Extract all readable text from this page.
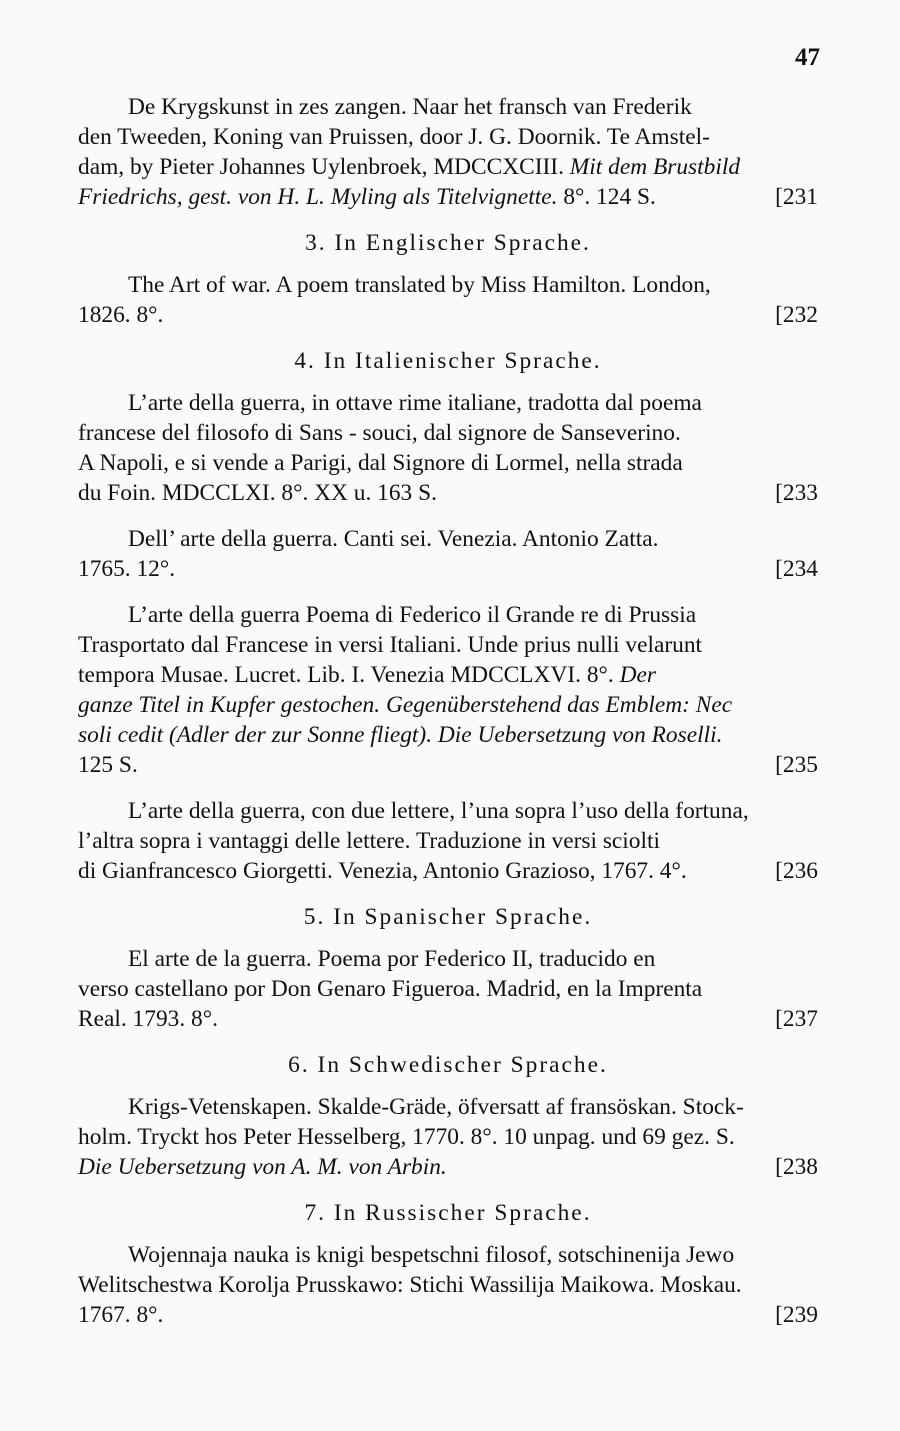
47

De Krygskunst in zes zangen. Naar het fransch van Frederik
den Tweeden, Koning van Pruissen, door J. G. Doornik. Te Amstel-
dam, by Pieter Johannes Uylenbroek, MDCCXCIII. Mit dem Brustbild
Friedrichs, gest. von H. L. Myling als Titelvignette. 8°. 124 S.	[231
3. In Englischer Sprache.
The Art of war. A poem translated by Miss Hamilton. London,
1826. 8°.	[232
4. In Italienischer Sprache.
L’arte della guerra, in ottave rime italiane, tradotta dal poema
francese del filosofo di Sans - souci, dal signore de Sanseverino.
A Napoli, e si vende a Parigi, dal Signore di Lormel, nella strada
du Foin. MDCCLXI. 8°. XX u. 163 S.	[233
Dell’ arte della guerra. Canti sei. Venezia. Antonio Zatta.
1765. 12°.	[234
L’arte della guerra Poema di Federico il Grande re di Prussia
Trasportato dal Francese in versi Italiani. Unde prius nulli velarunt
tempora Musae. Lucret. Lib. I. Venezia MDCCLXVI. 8°. Der
ganze Titel in Kupfer gestochen. Gegenüberstehend das Emblem: Nec
soli cedit (Adler der zur Sonne fliegt). Die Uebersetzung von Roselli.
125 S.	[235
L’arte della guerra, con due lettere, l’una sopra l’uso della fortuna,
l’altra sopra i vantaggi delle lettere. Traduzione in versi sciolti
di Gianfrancesco Giorgetti. Venezia, Antonio Grazioso, 1767. 4°.	[236
5. In Spanischer Sprache.
El arte de la guerra. Poema por Federico II, traducido en
verso castellano por Don Genaro Figueroa. Madrid, en la Imprenta
Real. 1793. 8°.	[237
6. In Schwedischer Sprache.
Krigs-Vetenskapen. Skalde-Gräde, öfversatt af fransöskan. Stock-
holm. Tryckt hos Peter Hesselberg, 1770. 8°. 10 unpag. und 69 gez. S.
Die Uebersetzung von A. M. von Arbin.	[238
7. In Russischer Sprache.
Wojennaja nauka is knigi bespetschni filosof, sotschinenija Jewo
Welitschestwa Korolja Prusskawo: Stichi Wassilija Maikowa. Moskau.
1767. 8°.	[239
